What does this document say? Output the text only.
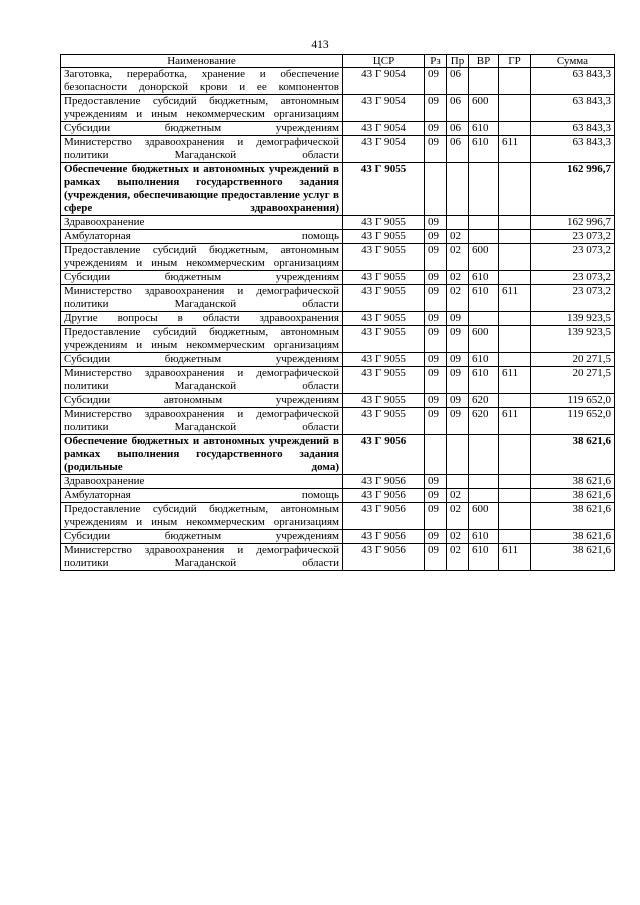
413
Наименование	ЦСР	Рз	Пр	ВР	ГР	Сумма
Заготовка, переработка, хранение и обеспечение безопасности донорской крови и ее компонентов	43 Г 9054	09	06			63 843,3
Предоставление субсидий бюджетным, автономным учреждениям и иным некоммерческим организациям	43 Г 9054	09	06	600		63 843,3
Субсидии бюджетным учреждениям	43 Г 9054	09	06	610		63 843,3
Министерство здравоохранения и демографической политики Магаданской области	43 Г 9054	09	06	610	611	63 843,3
Обеспечение бюджетных и автономных учреждений в рамках выполнения государственного задания (учреждения, обеспечивающие предоставление услуг в сфере здравоохранения)	43 Г 9055					162 996,7
Здравоохранение	43 Г 9055	09				162 996,7
Амбулаторная помощь	43 Г 9055	09	02			23 073,2
Предоставление субсидий бюджетным, автономным учреждениям и иным некоммерческим организациям	43 Г 9055	09	02	600		23 073,2
Субсидии бюджетным учреждениям	43 Г 9055	09	02	610		23 073,2
Министерство здравоохранения и демографической политики Магаданской области	43 Г 9055	09	02	610	611	23 073,2
Другие вопросы в области здравоохранения	43 Г 9055	09	09			139 923,5
Предоставление субсидий бюджетным, автономным учреждениям и иным некоммерческим организациям	43 Г 9055	09	09	600		139 923,5
Субсидии бюджетным учреждениям	43 Г 9055	09	09	610		20 271,5
Министерство здравоохранения и демографической политики Магаданской области	43 Г 9055	09	09	610	611	20 271,5
Субсидии автономным учреждениям	43 Г 9055	09	09	620		119 652,0
Министерство здравоохранения и демографической политики Магаданской области	43 Г 9055	09	09	620	611	119 652,0
Обеспечение бюджетных и автономных учреждений в рамках выполнения государственного задания (родильные дома)	43 Г 9056					38 621,6
Здравоохранение	43 Г 9056	09				38 621,6
Амбулаторная помощь	43 Г 9056	09	02			38 621,6
Предоставление субсидий бюджетным, автономным учреждениям и иным некоммерческим организациям	43 Г 9056	09	02	600		38 621,6
Субсидии бюджетным учреждениям	43 Г 9056	09	02	610		38 621,6
Министерство здравоохранения и демографической политики Магаданской области	43 Г 9056	09	02	610	611	38 621,6
